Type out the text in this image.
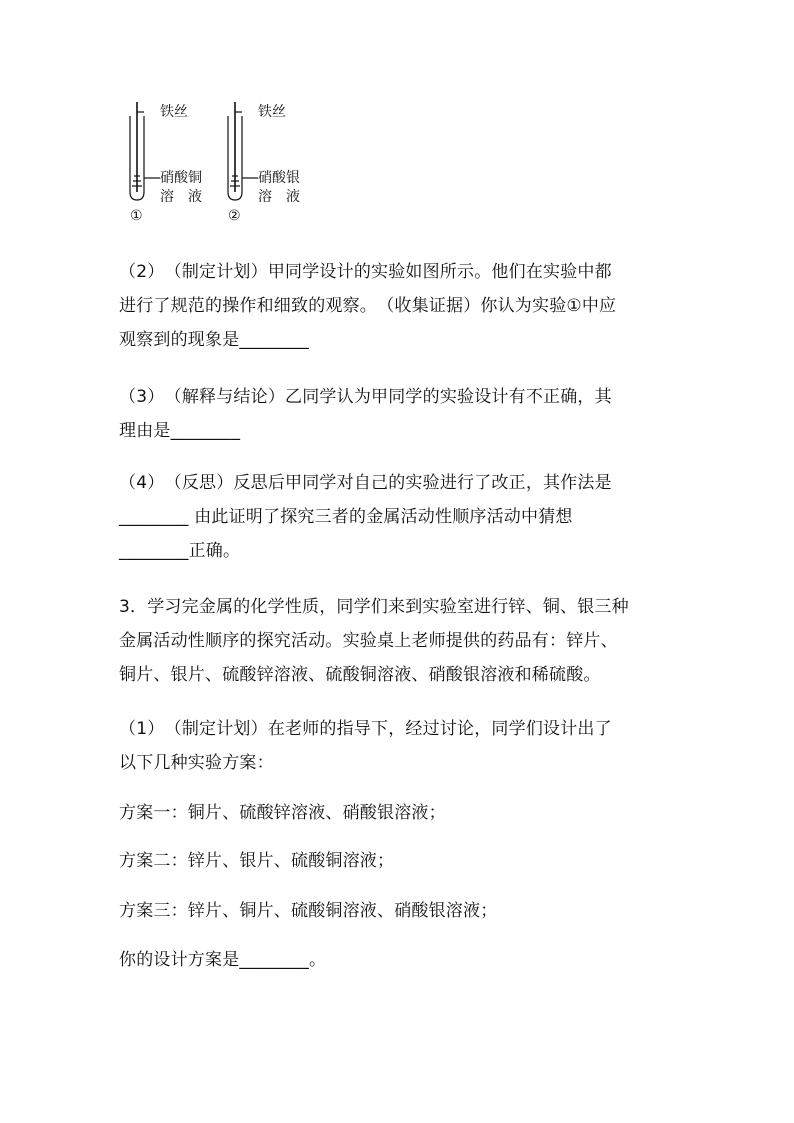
铁丝
硝酸铜
溶　液
①
铁丝
硝酸银
溶　液
②
（2）　（制定计划）甲同学设计的实验如图所示。他们在实验中都
进行了规范的操作和细致的观察。　（收集证据）你认为实验①中应
观察到的现象是________
（3）　（解释与结论）乙同学认为甲同学的实验设计有不正确，其
理由是________
（4）　（反思）反思后甲同学对自己的实验进行了改正，其作法是
________ 由此证明了探究三者的金属活动性顺序活动中猜想
________正确。
3．学习完金属的化学性质，同学们来到实验室进行锌、铜、银三种
金属活动性顺序的探究活动。实验桌上老师提供的药品有：锌片、
铜片、银片、硫酸锌溶液、硫酸铜溶液、硝酸银溶液和稀硫酸。
（1）　（制定计划）在老师的指导下，经过讨论，同学们设计出了
以下几种实验方案：
方案一：铜片、硫酸锌溶液、硝酸银溶液；
方案二：锌片、银片、硫酸铜溶液；
方案三：锌片、铜片、硫酸铜溶液、硝酸银溶液；
你的设计方案是________。
